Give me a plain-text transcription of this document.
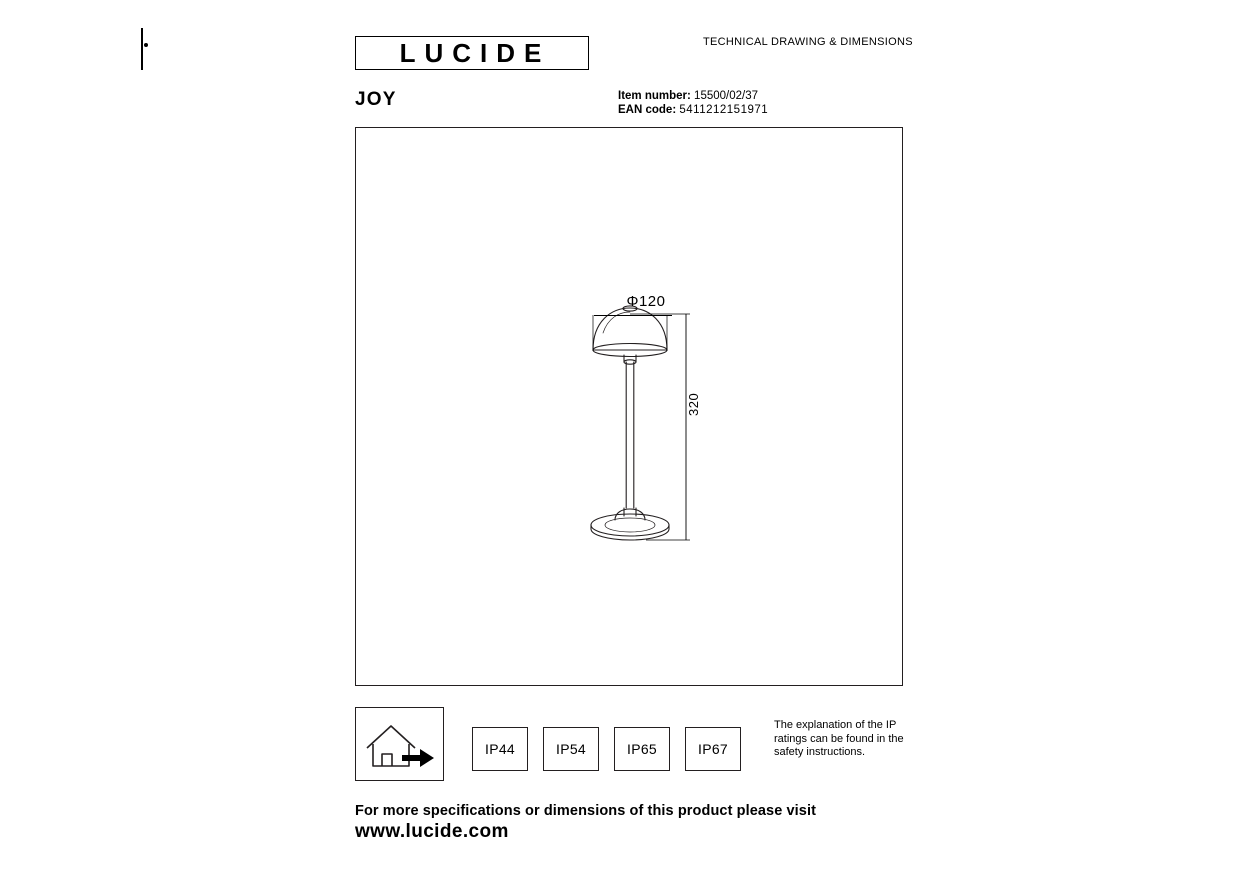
LUCIDE	TECHNICAL DRAWING & DIMENSIONS
JOY	Item number: 15500/02/37
EAN code: 5411212151971
Φ120
320
IP44	IP54	IP65	IP67
The explanation of the IP ratings can be found in the safety instructions.
For more specifications or dimensions of this product please visit
www.lucide.com
